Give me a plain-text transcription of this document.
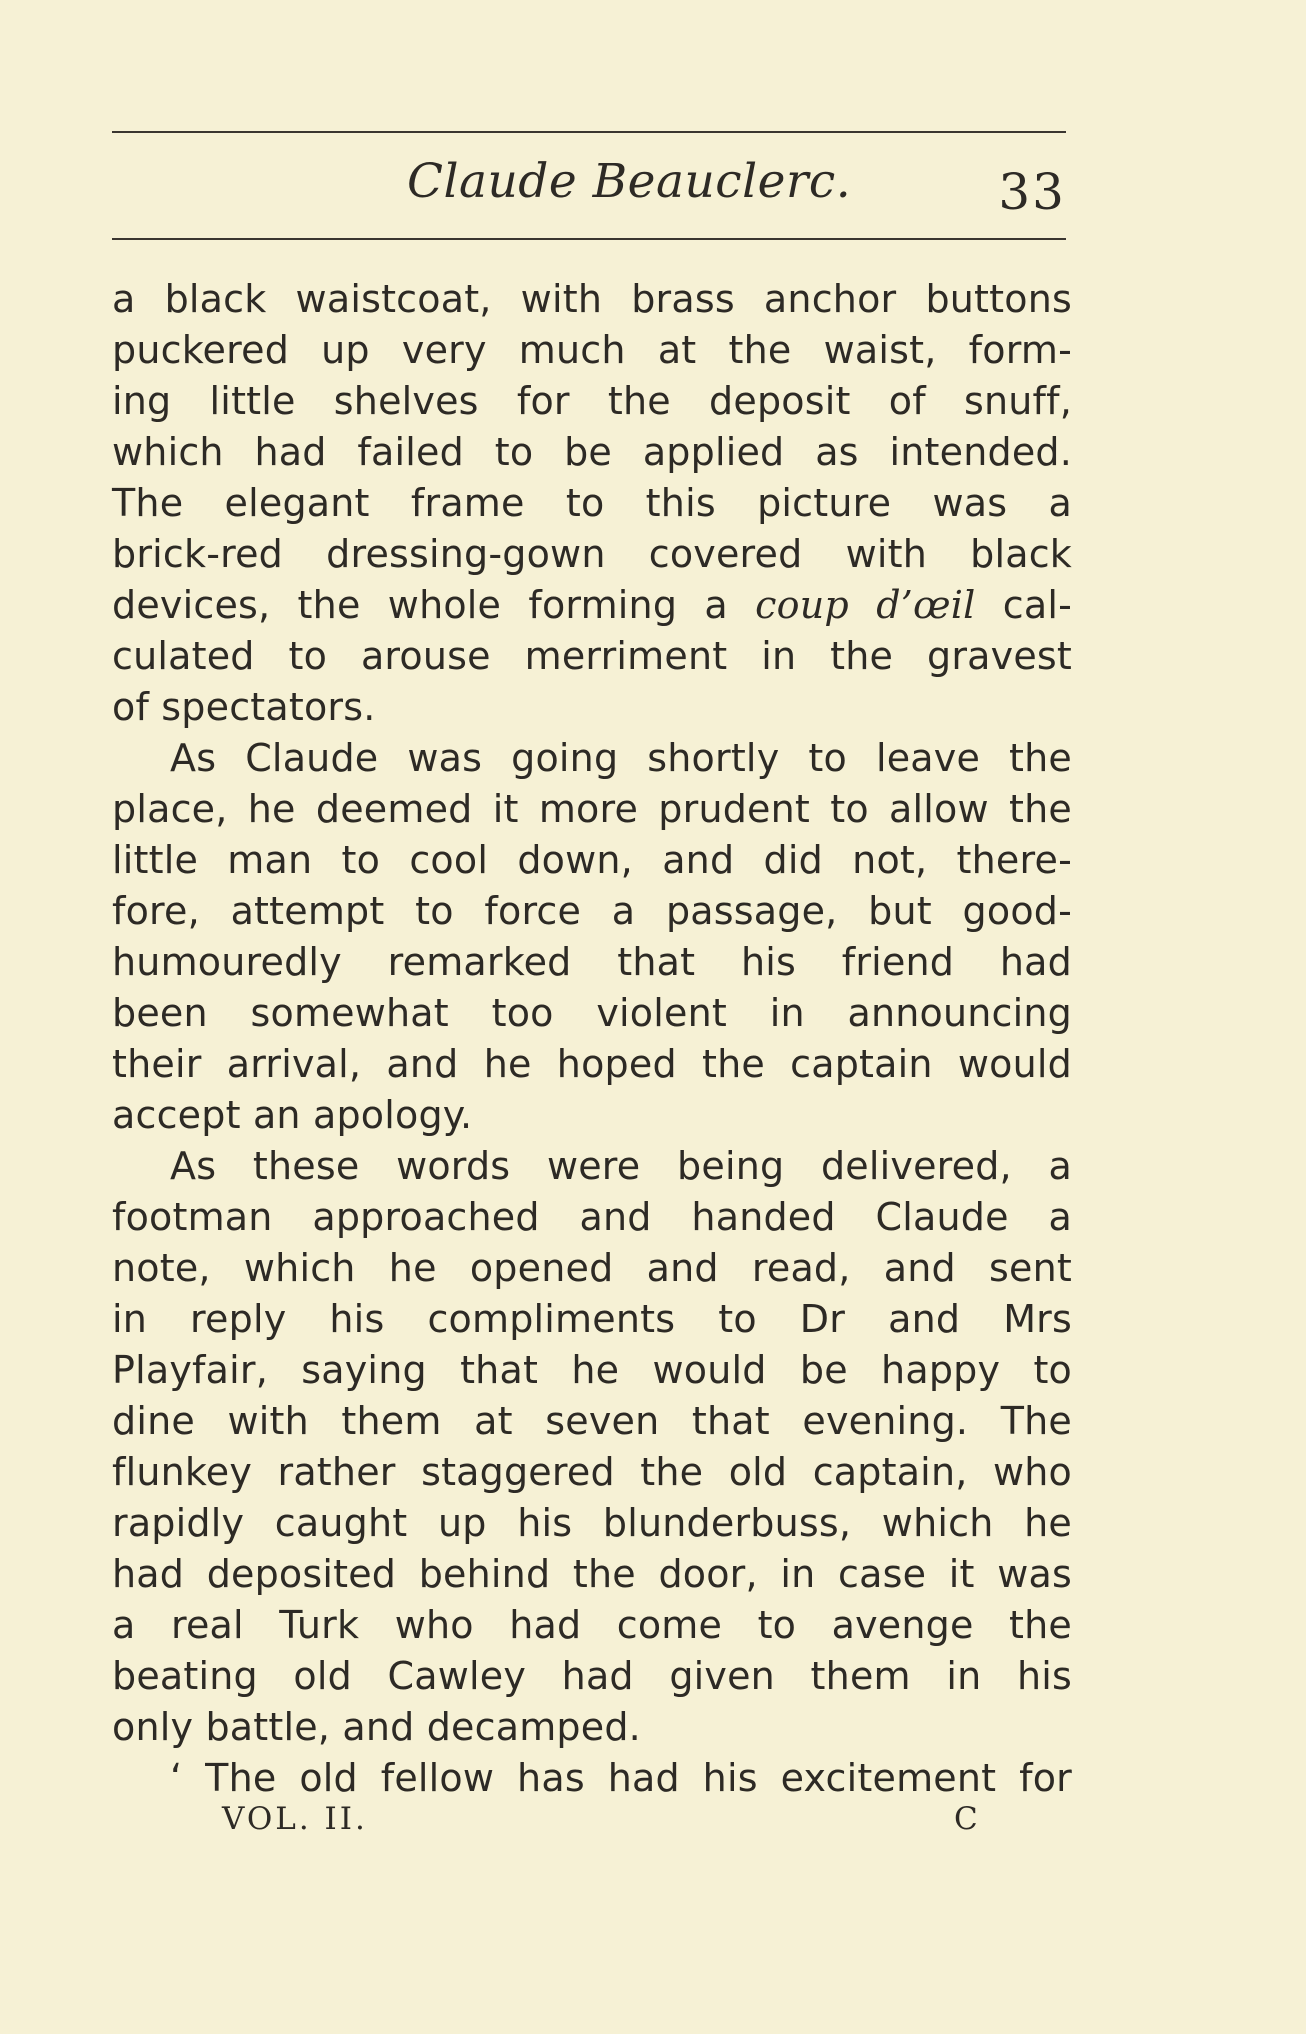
Claude Beauclerc.	33
a black waistcoat, with brass anchor buttons
puckered up very much at the waist, form-
ing little shelves for the deposit of snuff,
which had failed to be applied as intended.
The elegant frame to this picture was a
brick-red dressing-gown covered with black
devices, the whole forming a coup d’œil cal-
culated to arouse merriment in the gravest
of spectators.
As Claude was going shortly to leave the
place, he deemed it more prudent to allow the
little man to cool down, and did not, there-
fore, attempt to force a passage, but good-
humouredly remarked that his friend had
been somewhat too violent in announcing
their arrival, and he hoped the captain would
accept an apology.
As these words were being delivered, a
footman approached and handed Claude a
note, which he opened and read, and sent
in reply his compliments to Dr and Mrs
Playfair, saying that he would be happy to
dine with them at seven that evening. The
flunkey rather staggered the old captain, who
rapidly caught up his blunderbuss, which he
had deposited behind the door, in case it was
a real Turk who had come to avenge the
beating old Cawley had given them in his
only battle, and decamped.
‘ The old fellow has had his excitement for
VOL. II.	C
